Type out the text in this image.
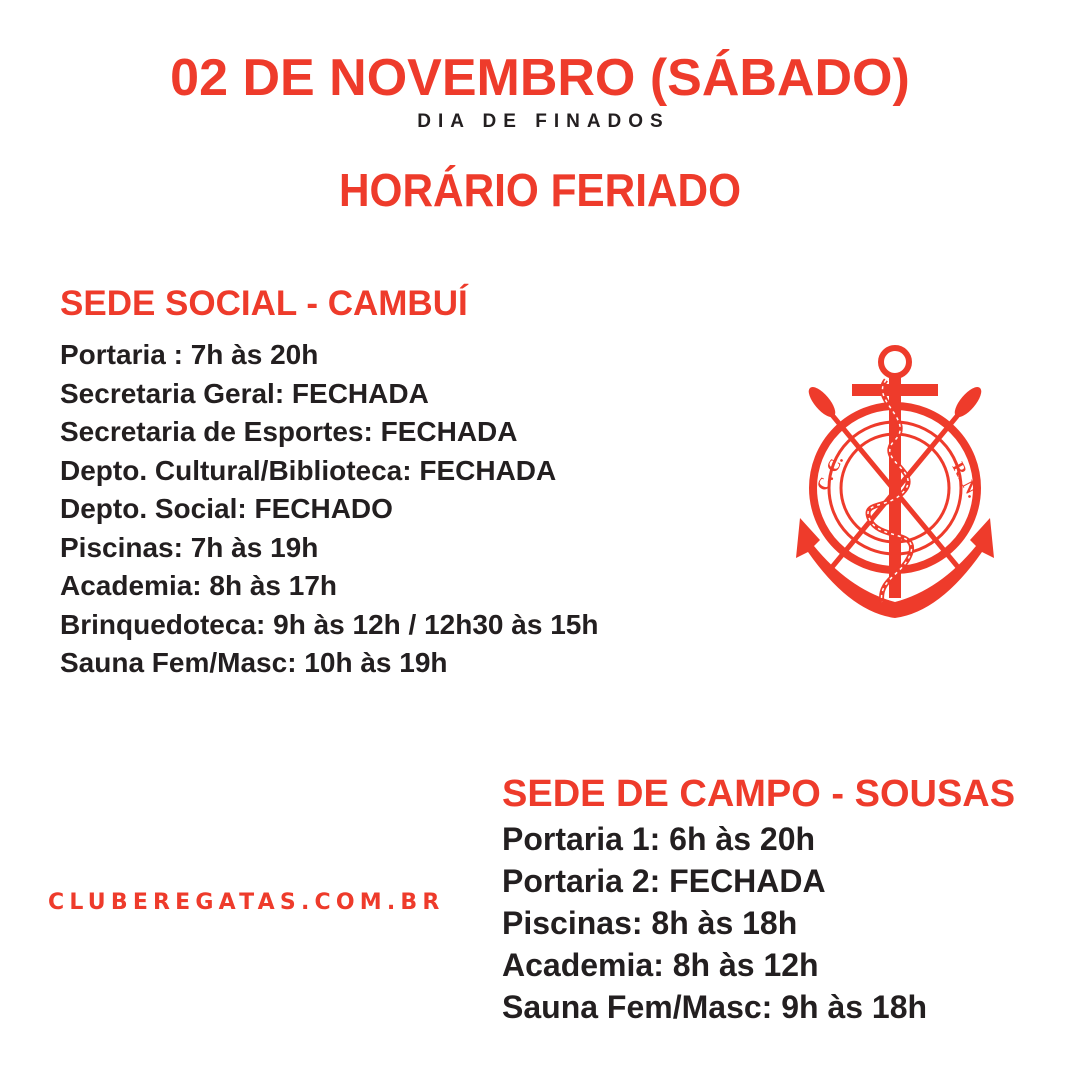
02 DE NOVEMBRO (SÁBADO)
DIA DE FINADOS
HORÁRIO FERIADO
SEDE SOCIAL - CAMBUÍ
Portaria : 7h às 20h
Secretaria Geral: FECHADA
Secretaria de Esportes: FECHADA
Depto. Cultural/Biblioteca: FECHADA
Depto. Social: FECHADO
Piscinas: 7h às 19h
Academia: 8h às 17h
Brinquedoteca: 9h às 12h / 12h30 às 15h
Sauna Fem/Masc: 10h às 19h
SEDE DE CAMPO - SOUSAS
Portaria 1: 6h às 20h
Portaria 2: FECHADA
Piscinas: 8h às 18h
Academia: 8h às 12h
Sauna Fem/Masc: 9h às 18h
CLUBEREGATAS.COM.BR
C. C.	R. N.
